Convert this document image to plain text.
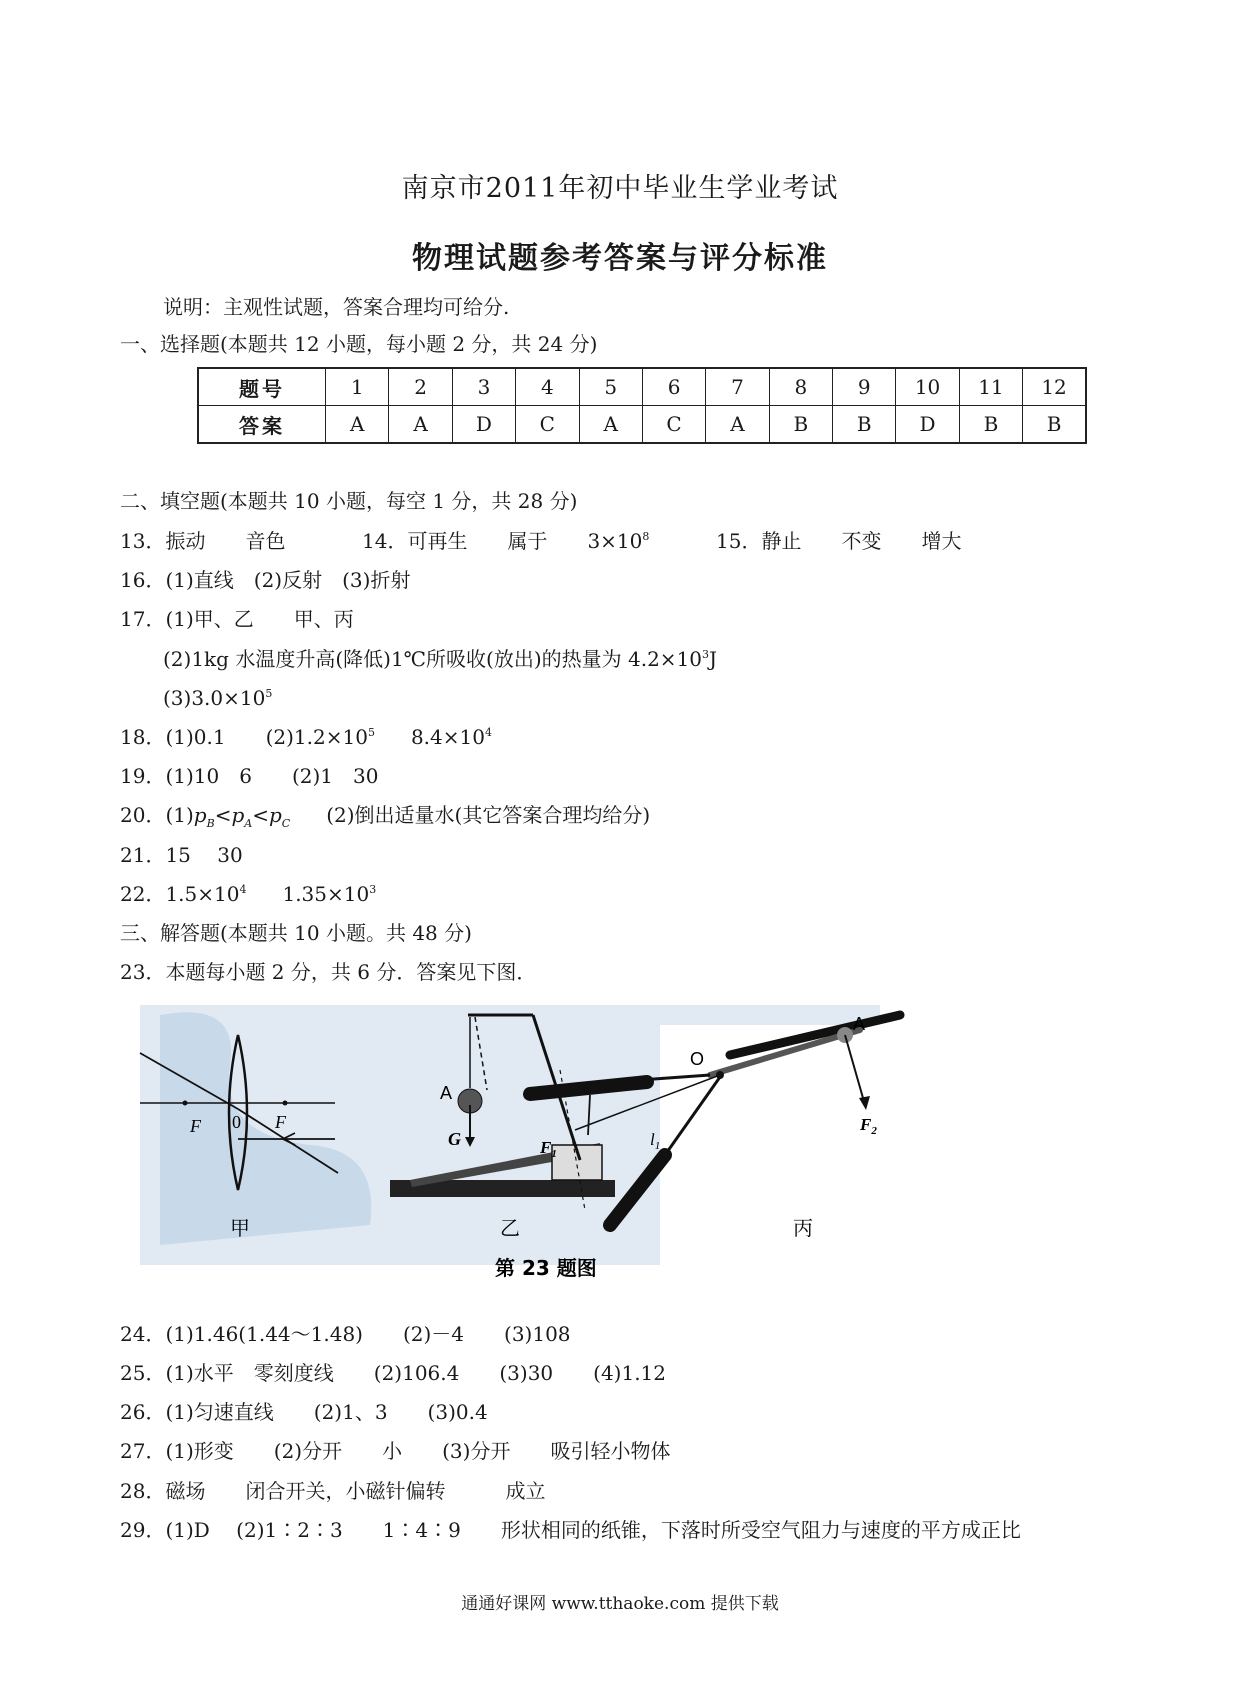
南京市2011年初中毕业生学业考试
物理试题参考答案与评分标准
说明：主观性试题，答案合理均可给分.
一、选择题(本题共 12 小题，每小题 2 分，共 24 分)
题号	1	2	3	4	5	6	7	8	9	10	11	12
答案	A	A	D	C	A	C	A	B	B	D	B	B
二、填空题(本题共 10 小题，每空 1 分，共 28 分)
13．振动　　音色	14．可再生　　属于　　$3\times 10^8$	15．静止　　不变　　增大
16．(1)直线　(2)反射　(3)折射
17．(1)甲、乙　　甲、丙
(2)1kg 水温度升高(降低)1℃所吸收(放出)的热量为 $4.2\times 10^3J$
$(3)3.0\times 10^5$
18．(1)0.1　　$(2)1.2\times 10^5$ $8.4\times 10^4$
19．(1)10　6　　(2)1　30
20．$(1)p_B<p_A<p_C$ (2)倒出适量水(其它答案合理均给分)
21．15　 30
22．$1.5\times 10^4$ $1.35\times 10^3$
三、解答题(本题共 10 小题。共 48 分)
23．本题每小题 2 分，共 6 分．答案见下图．
F 0 F
甲
A
G
乙
O
A
$F_1$
$l_1$
$F_2$
丙
第 23 题图
24．(1)1.46(1.44～1.48)　　(2)－4　　(3)108
25．(1)水平　零刻度线　　(2)106.4　　(3)30　　(4)1.12
26．(1)匀速直线　　(2)1、3　　(3)0.4
27．(1)形变　　(2)分开　　小　　(3)分开　　吸引轻小物体
28．磁场　　闭合开关，小磁针偏转　　　成立
29．(1)D　 (2)1∶2∶3　　1∶4∶9　　形状相同的纸锥，下落时所受空气阻力与速度的平方成正比
通通好课网 www.tthaoke.com 提供下载
